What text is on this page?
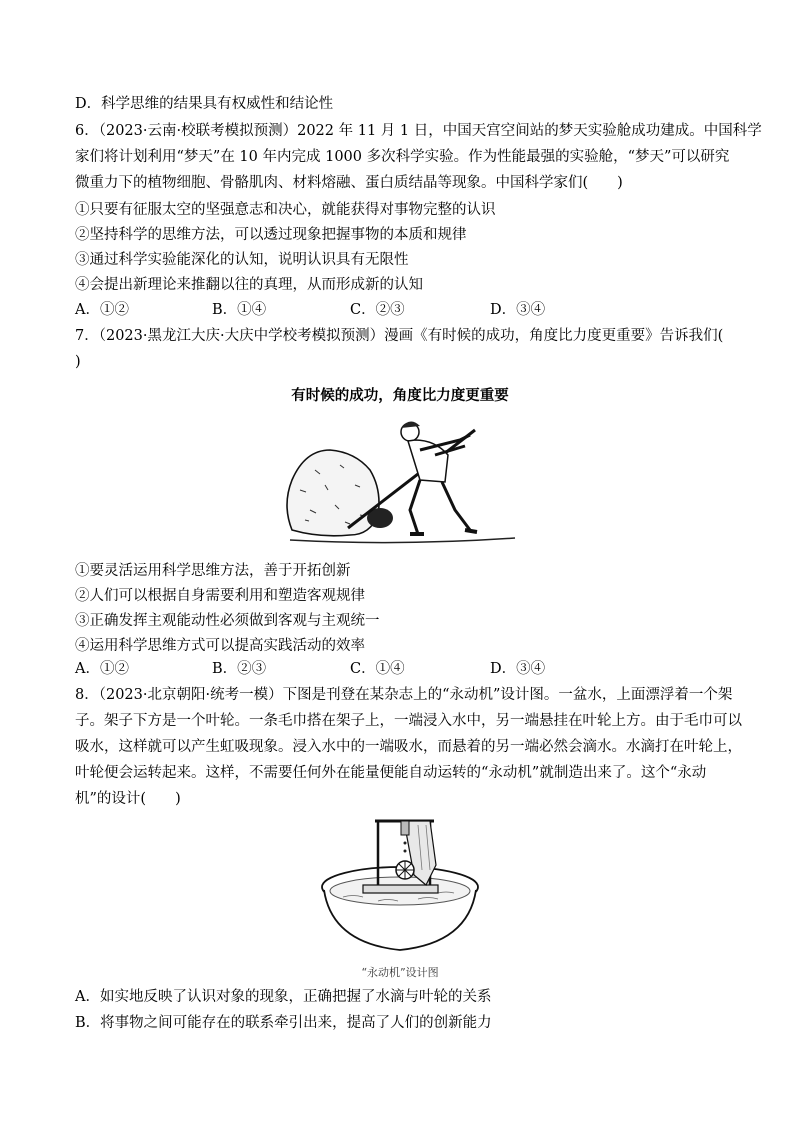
D．科学思维的结果具有权威性和结论性
6．（2023·云南·校联考模拟预测）2022 年 11 月 1 日，中国天宫空间站的梦天实验舱成功建成。中国科学
家们将计划利用“梦天”在 10 年内完成 1000 多次科学实验。作为性能最强的实验舱，“梦天”可以研究
微重力下的植物细胞、骨骼肌肉、材料熔融、蛋白质结晶等现象。中国科学家们(　　)
①只要有征服太空的坚强意志和决心，就能获得对事物完整的认识
②坚持科学的思维方法，可以透过现象把握事物的本质和规律
③通过科学实验能深化的认知，说明认识具有无限性
④会提出新理论来推翻以往的真理，从而形成新的认知
A．①②	B．①④	C．②③	D．③④
7．（2023·黑龙江大庆·大庆中学校考模拟预测）漫画《有时候的成功，角度比力度更重要》告诉我们(
)
有时候的成功，角度比力度更重要
①要灵活运用科学思维方法，善于开拓创新
②人们可以根据自身需要利用和塑造客观规律
③正确发挥主观能动性必须做到客观与主观统一
④运用科学思维方式可以提高实践活动的效率
A．①②	B．②③	C．①④	D．③④
8．（2023·北京朝阳·统考一模）下图是刊登在某杂志上的“永动机”设计图。一盆水，上面漂浮着一个架
子。架子下方是一个叶轮。一条毛巾搭在架子上，一端浸入水中，另一端悬挂在叶轮上方。由于毛巾可以
吸水，这样就可以产生虹吸现象。浸入水中的一端吸水，而悬着的另一端必然会滴水。水滴打在叶轮上，
叶轮便会运转起来。这样，不需要任何外在能量便能自动运转的“永动机”就制造出来了。这个“永动
机”的设计(　　)
“永动机”设计图
A．如实地反映了认识对象的现象，正确把握了水滴与叶轮的关系
B．将事物之间可能存在的联系牵引出来，提高了人们的创新能力
